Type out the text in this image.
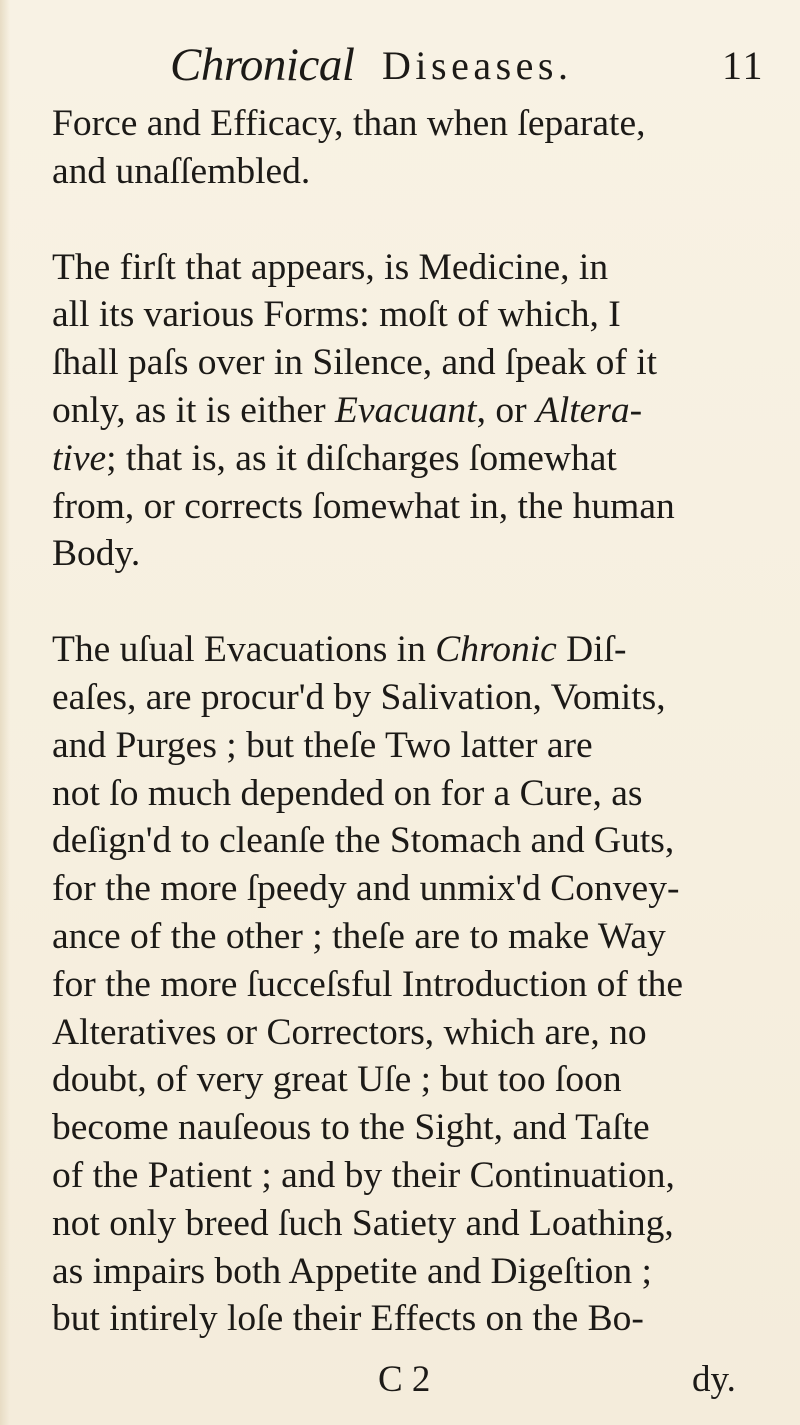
Chronical Diseases.	11
Force and Efficacy, than when ſeparate,
and unaſſembled.
The firſt that appears, is Medicine, in
all its various Forms: moſt of which, I
ſhall paſs over in Silence, and ſpeak of it
only, as it is either Evacuant, or Altera-
tive; that is, as it diſcharges ſomewhat
from, or corrects ſomewhat in, the human
Body.
The uſual Evacuations in Chronic Diſ-
eaſes, are procur'd by Salivation, Vomits,
and Purges ; but theſe Two latter are
not ſo much depended on for a Cure, as
deſign'd to cleanſe the Stomach and Guts,
for the more ſpeedy and unmix'd Convey-
ance of the other ; theſe are to make Way
for the more ſucceſsful Introduction of the
Alteratives or Correctors, which are, no
doubt, of very great Uſe ; but too ſoon
become nauſeous to the Sight, and Taſte
of the Patient ; and by their Continuation,
not only breed ſuch Satiety and Loathing,
as impairs both Appetite and Digeſtion ;
but intirely loſe their Effects on the Bo-
C 2	dy.
